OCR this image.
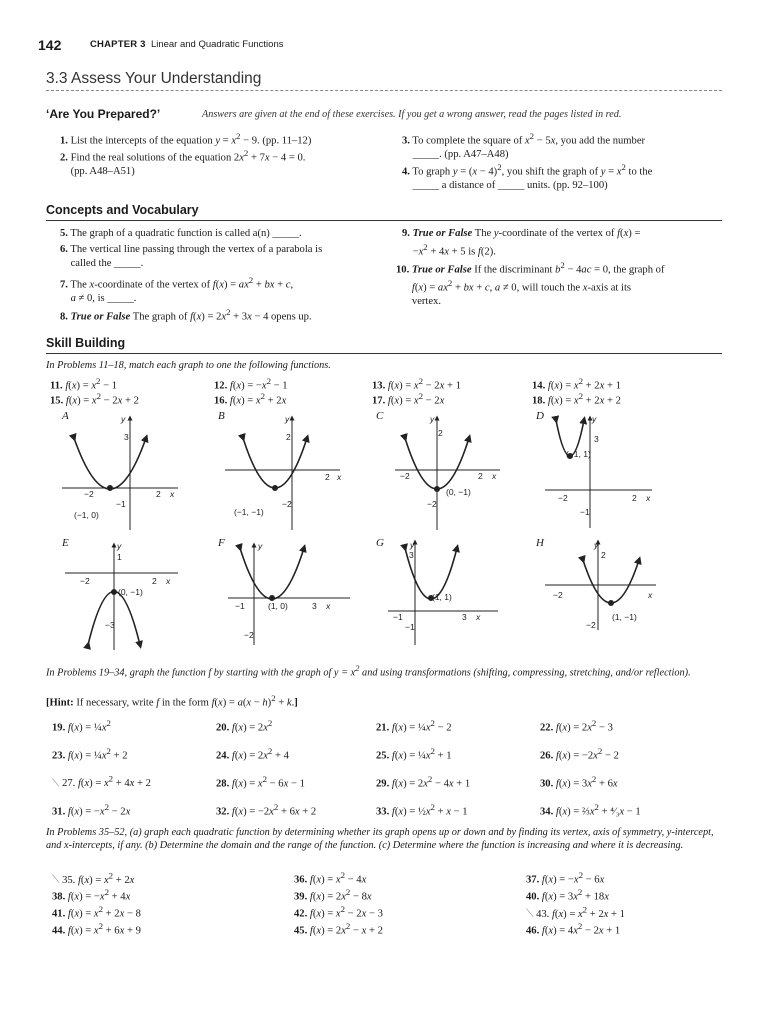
142	CHAPTER 3 Linear and Quadratic Functions
3.3 Assess Your Understanding
‘Are You Prepared?’	Answers are given at the end of these exercises. If you get a wrong answer, read the pages listed in red.
1. List the intercepts of the equation $y = x^2 - 9$. (pp. 11–12)
2. Find the real solutions of the equation $2x^2 + 7x - 4 = 0$.
(pp. A48–A51)
3. To complete the square of $x^2 - 5x$, you add the number
_____. (pp. A47–A48)
4. To graph $y = (x - 4)^2$, you shift the graph of $y = x^2$ to the
_____ a distance of _____ units. (pp. 92–100)
Concepts and Vocabulary
5. The graph of a quadratic function is called a(n) _____.
6. The vertical line passing through the vertex of a parabola is
called the _____.
7. The x-coordinate of the vertex of $f(x) = ax^2$ + bx + c,
a ≠ 0, is _____.
8. True or False The graph of $f(x) = 2x^2 + 3x - 4$ opens up.
9. True or False The y-coordinate of the vertex of f(x) =
$-x^2 + 4x + 5$ is f(2).
10. True or False If the discriminant $b^2 - 4ac = 0$, the graph of
$f(x) = ax^2$ + bx + c, a ≠ 0, will touch the x-axis at its
vertex.
Skill Building
In Problems 11–18, match each graph to one the following functions.
11. $f(x) = x^2 - 1$
15. $f(x) = x^2 - 2x + 2$
12. $f(x) = -x^2 - 1$
16. $f(x) = x^2 + 2x$
13. $f(x) = x^2 - 2x + 1$
17. $f(x) = x^2 - 2x$
14. $f(x) = x^2 + 2x + 1$
18. $f(x) = x^2 + 2x + 2$
A	B	C	D
E	F	G	H
3
−2	2 x
−1
(−1, 0)
y
2
2 x
(−1, −1)
−2
y
2
−2	2 x
(0, −1)
−2
y
3
(−1, 1)
−2	2 x
−1
y
1
−2	2 x
(0, −1)
−3
y
−1	(1, 0)	3 x
−2
y
3
(1, 1)
−1	3 x
−1
y
2
−2	x
(1, −1)
−2
y
In Problems 19–34, graph the function f by starting with the graph of $y = x^2$ and using transformations (shifting, compressing, stretching, and/or reflection).
[Hint: If necessary, write f in the form $f(x) = a(x - h)^2 + k$.]
19. $f(x) = \frac{1}{4}x^2$	20. $f(x) = 2x^2$	21. $f(x) = \frac{1}{4}x^2 - 2$	22. $f(x) = 2x^2 - 3$
23. $f(x) = \frac{1}{4}x^2 + 2$	24. $f(x) = 2x^2 + 4$	25. $f(x) = \frac{1}{4}x^2 + 1$	26. $f(x) = -2x^2 - 2$
⟍ 27. $f(x) = x^2 + 4x + 2$	28. $f(x) = x^2 - 6x - 1$	29. $f(x) = 2x^2 - 4x + 1$	30. $f(x) = 3x^2 + 6x$
31. $f(x) = -x^2 - 2x$	32. $f(x) = -2x^2 + 6x + 2$	33. $f(x) = \frac{1}{2}x^2 + x - 1$	34. $f(x) = \frac{2}{3}x^2$ + ⁴⁄₃x − 1
In Problems 35–52, (a) graph each quadratic function by determining whether its graph opens up or down and by finding its vertex, axis of symmetry, y-intercept, and x-intercepts, if any. (b) Determine the domain and the range of the function. (c) Determine where the function is increasing and where it is decreasing.
⟍ 35. $f(x) = x^2 + 2x$	36. $f(x) = x^2 - 4x$	37. $f(x) = -x^2 - 6x$
38. $f(x) = -x^2 + 4x$	39. $f(x) = 2x^2 - 8x$	40. $f(x) = 3x^2 + 18x$
41. $f(x) = x^2 + 2x - 8$	42. $f(x) = x^2 - 2x - 3$	⟍ 43. $f(x) = x^2 + 2x + 1$
44. $f(x) = x^2 + 6x + 9$	45. $f(x) = 2x^2 - x + 2$	46. $f(x) = 4x^2 - 2x + 1$
